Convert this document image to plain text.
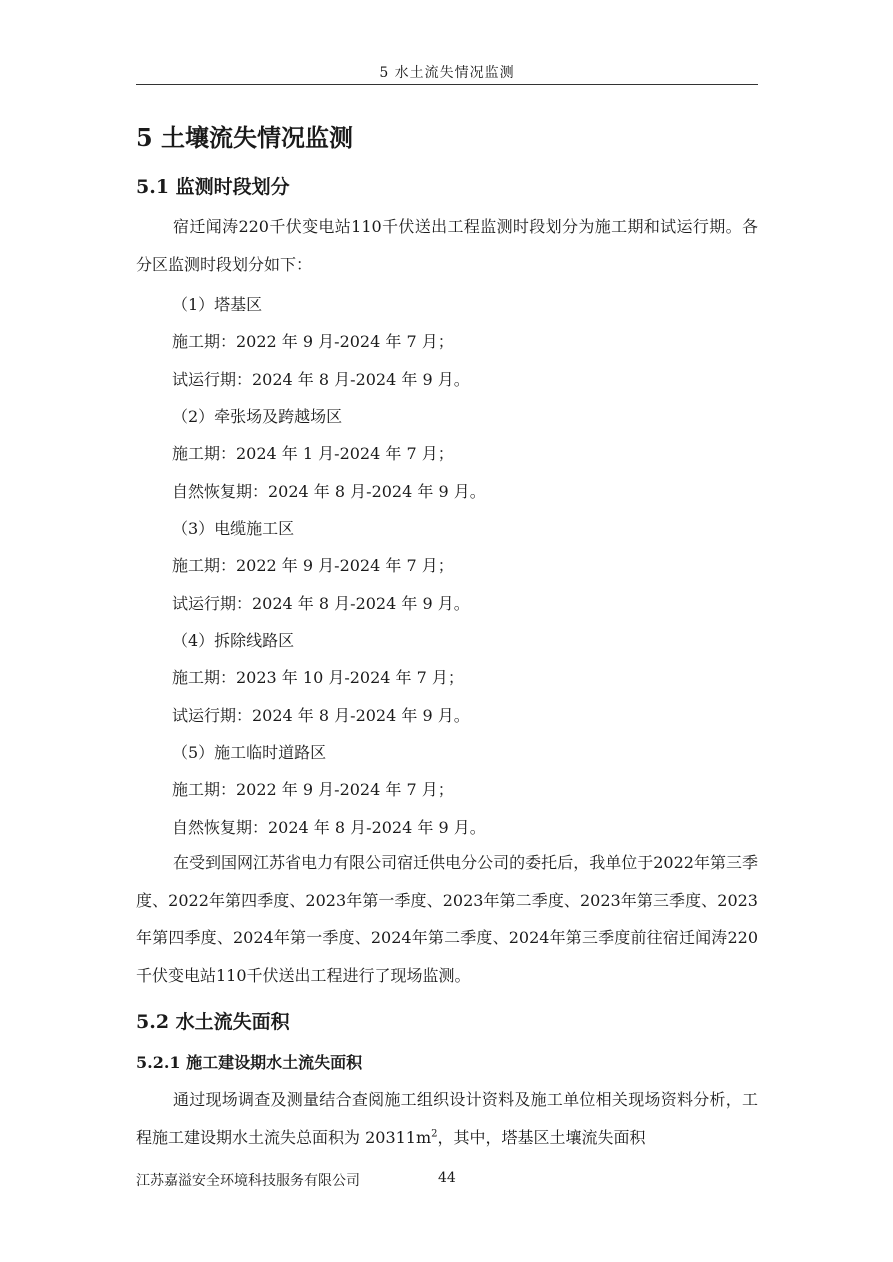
5 水土流失情况监测
5 土壤流失情况监测
5.1 监测时段划分
宿迁闻涛220千伏变电站110千伏送出工程监测时段划分为施工期和试运行期。各分区监测时段划分如下：
（1）塔基区
施工期：2022 年 9 月-2024 年 7 月；
试运行期：2024 年 8 月-2024 年 9 月。
（2）牵张场及跨越场区
施工期：2024 年 1 月-2024 年 7 月；
自然恢复期：2024 年 8 月-2024 年 9 月。
（3）电缆施工区
施工期：2022 年 9 月-2024 年 7 月；
试运行期：2024 年 8 月-2024 年 9 月。
（4）拆除线路区
施工期：2023 年 10 月-2024 年 7 月；
试运行期：2024 年 8 月-2024 年 9 月。
（5）施工临时道路区
施工期：2022 年 9 月-2024 年 7 月；
自然恢复期：2024 年 8 月-2024 年 9 月。
在受到国网江苏省电力有限公司宿迁供电分公司的委托后，我单位于2022年第三季度、2022年第四季度、2023年第一季度、2023年第二季度、2023年第三季度、2023年第四季度、2024年第一季度、2024年第二季度、2024年第三季度前往宿迁闻涛220千伏变电站110千伏送出工程进行了现场监测。
5.2 水土流失面积
5.2.1 施工建设期水土流失面积
通过现场调查及测量结合查阅施工组织设计资料及施工单位相关现场资料分析，工程施工建设期水土流失总面积为 $20311m^2$，其中，塔基区土壤流失面积
江苏嘉溢安全环境科技服务有限公司	44
